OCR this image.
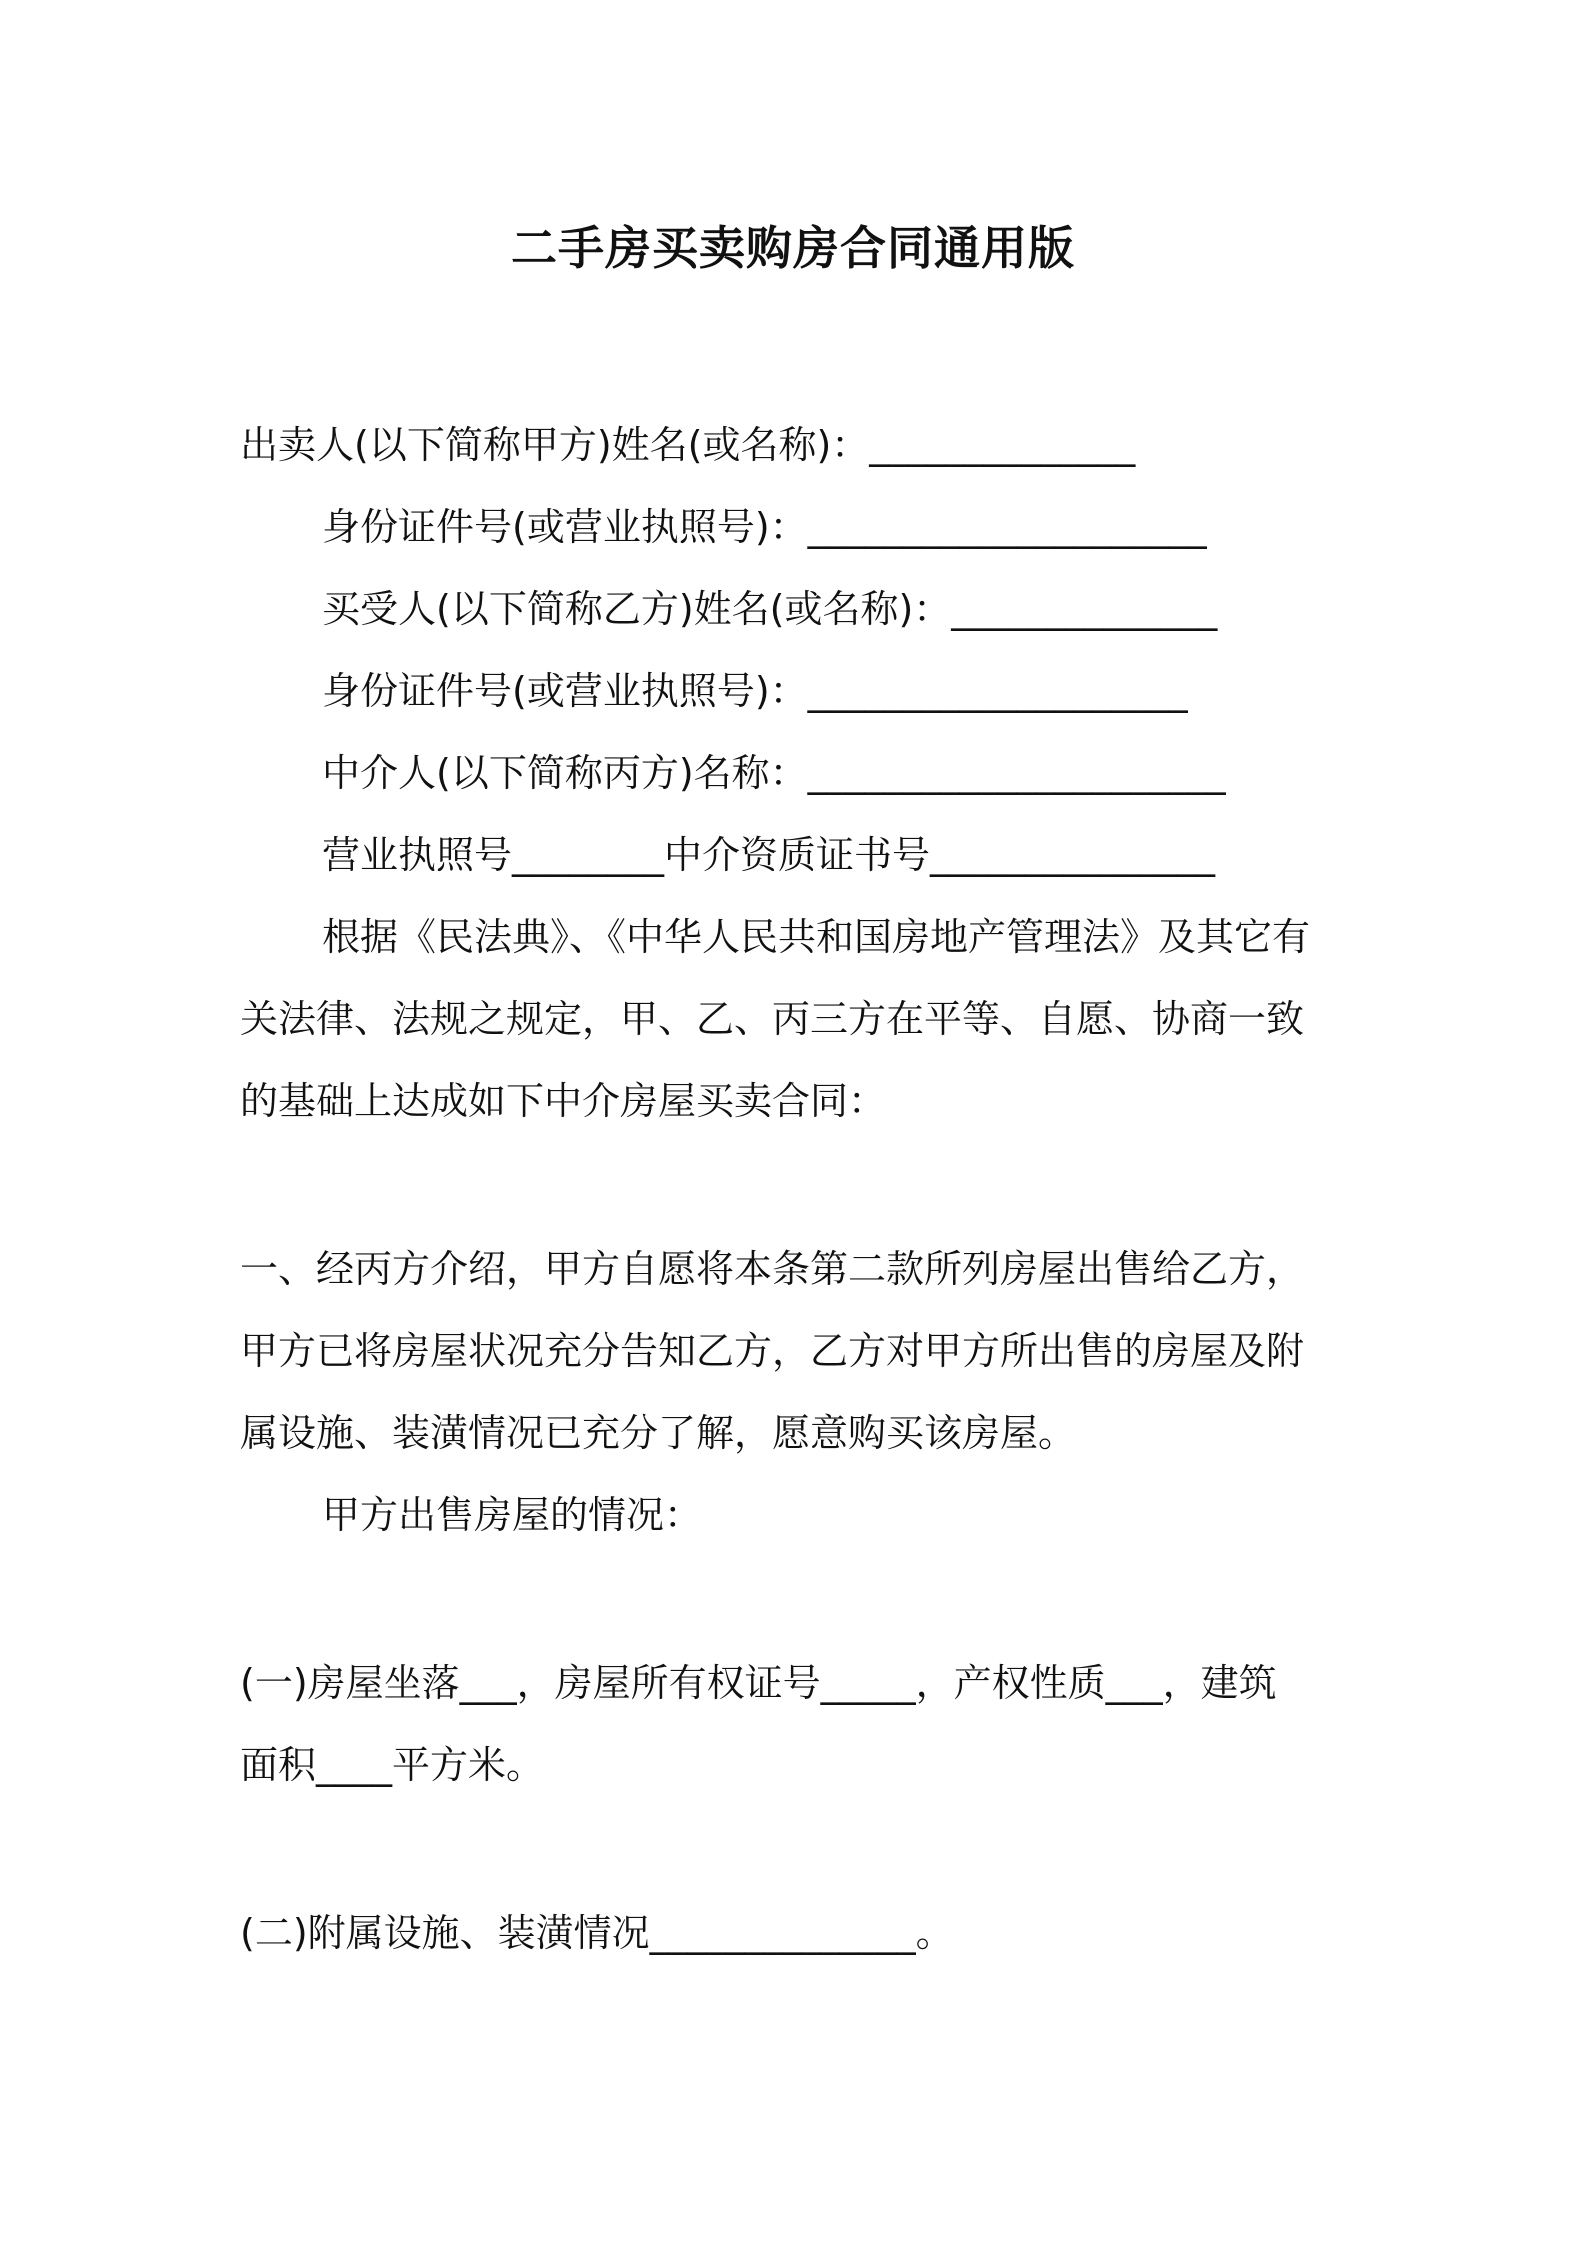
二手房买卖购房合同通用版

出卖人(以下简称甲方)姓名(或名称)：______________

身份证件号(或营业执照号)：_____________________

买受人(以下简称乙方)姓名(或名称)：______________

身份证件号(或营业执照号)：____________________

中介人(以下简称丙方)名称：______________________

营业执照号________中介资质证书号_______________

根据《民法典》、《中华人民共和国房地产管理法》及其它有

关法律、法规之规定，甲、乙、丙三方在平等、自愿、协商一致

的基础上达成如下中介房屋买卖合同：

一、经丙方介绍，甲方自愿将本条第二款所列房屋出售给乙方，

甲方已将房屋状况充分告知乙方，乙方对甲方所出售的房屋及附

属设施、装潢情况已充分了解，愿意购买该房屋。

甲方出售房屋的情况：

(一)房屋坐落___，房屋所有权证号_____，产权性质___，建筑

面积____平方米。

(二)附属设施、装潢情况______________。
